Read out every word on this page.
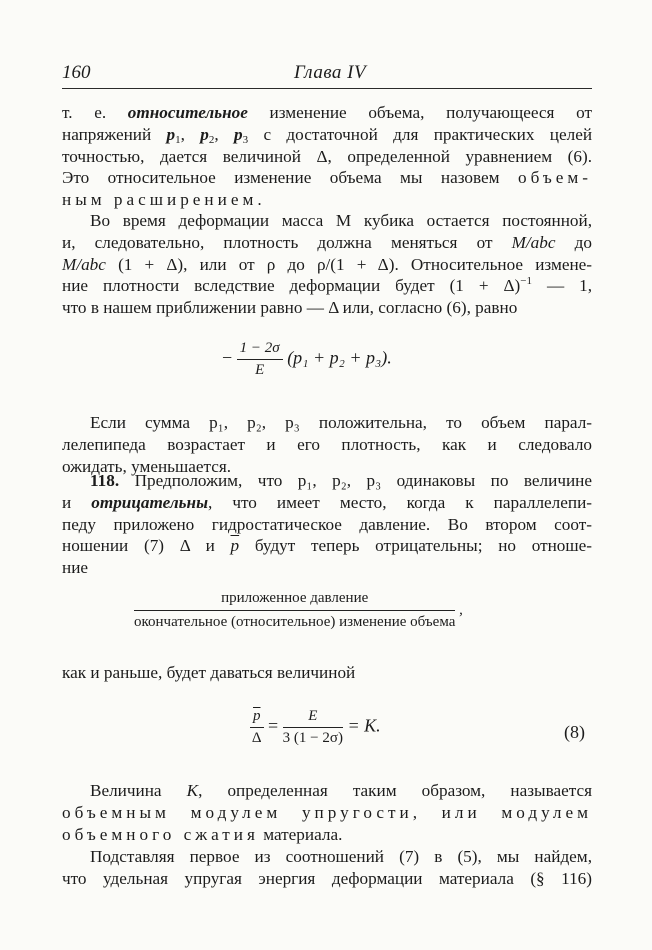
160	Глава IV
т. е. относительное изменение объема, получающееся от
напряжений $p_1$, $p_2$, $p_3$ с достаточной для практических целей
точностью, дается величиной Δ, определенной уравнением (6).
Это относительное изменение объема мы назовем объем-
ным расширением.
Во время деформации масса M кубика остается постоянной,
и, следовательно, плотность должна меняться от M/abc до
M/abc (1 + Δ), или от ρ до ρ/(1 + Δ). Относительное измене-
ние плотности вследствие деформации будет $(1 + \Delta)^{-1}$ — 1,
что в нашем приближении равно — Δ или, согласно (6), равно
− $\frac{1 - 2\sigma}{E} (p_1 + p_2 + p_3)$.
Если сумма p₁, p₂, p₃ положительна, то объем парал-
лелепипеда возрастает и его плотность, как и следовало
ожидать, уменьшается.
118. Предположим, что p₁, p₂, p₃ одинаковы по величине
и отрицательны, что имеет место, когда к параллелепи-
педу приложено гидростатическое давление. Во втором соот-
ношении (7) Δ и $\overline{p}$ будут теперь отрицательны; но отноше-
ние
$\frac{\text{приложенное давление}}{\text{окончательное (относительное) изменение объема}}$ ,
как и раньше, будет даваться величиной
$\frac{\overline{p}}{\Delta} = \frac{E}{3 (1 - 2\sigma)} = K$.	(8)
Величина K, определенная таким образом, называется
объемным модулем упругости, или модулем
объемного сжатия материала.
Подставляя первое из соотношений (7) в (5), мы найдем,
что удельная упругая энергия деформации материала (§ 116)
